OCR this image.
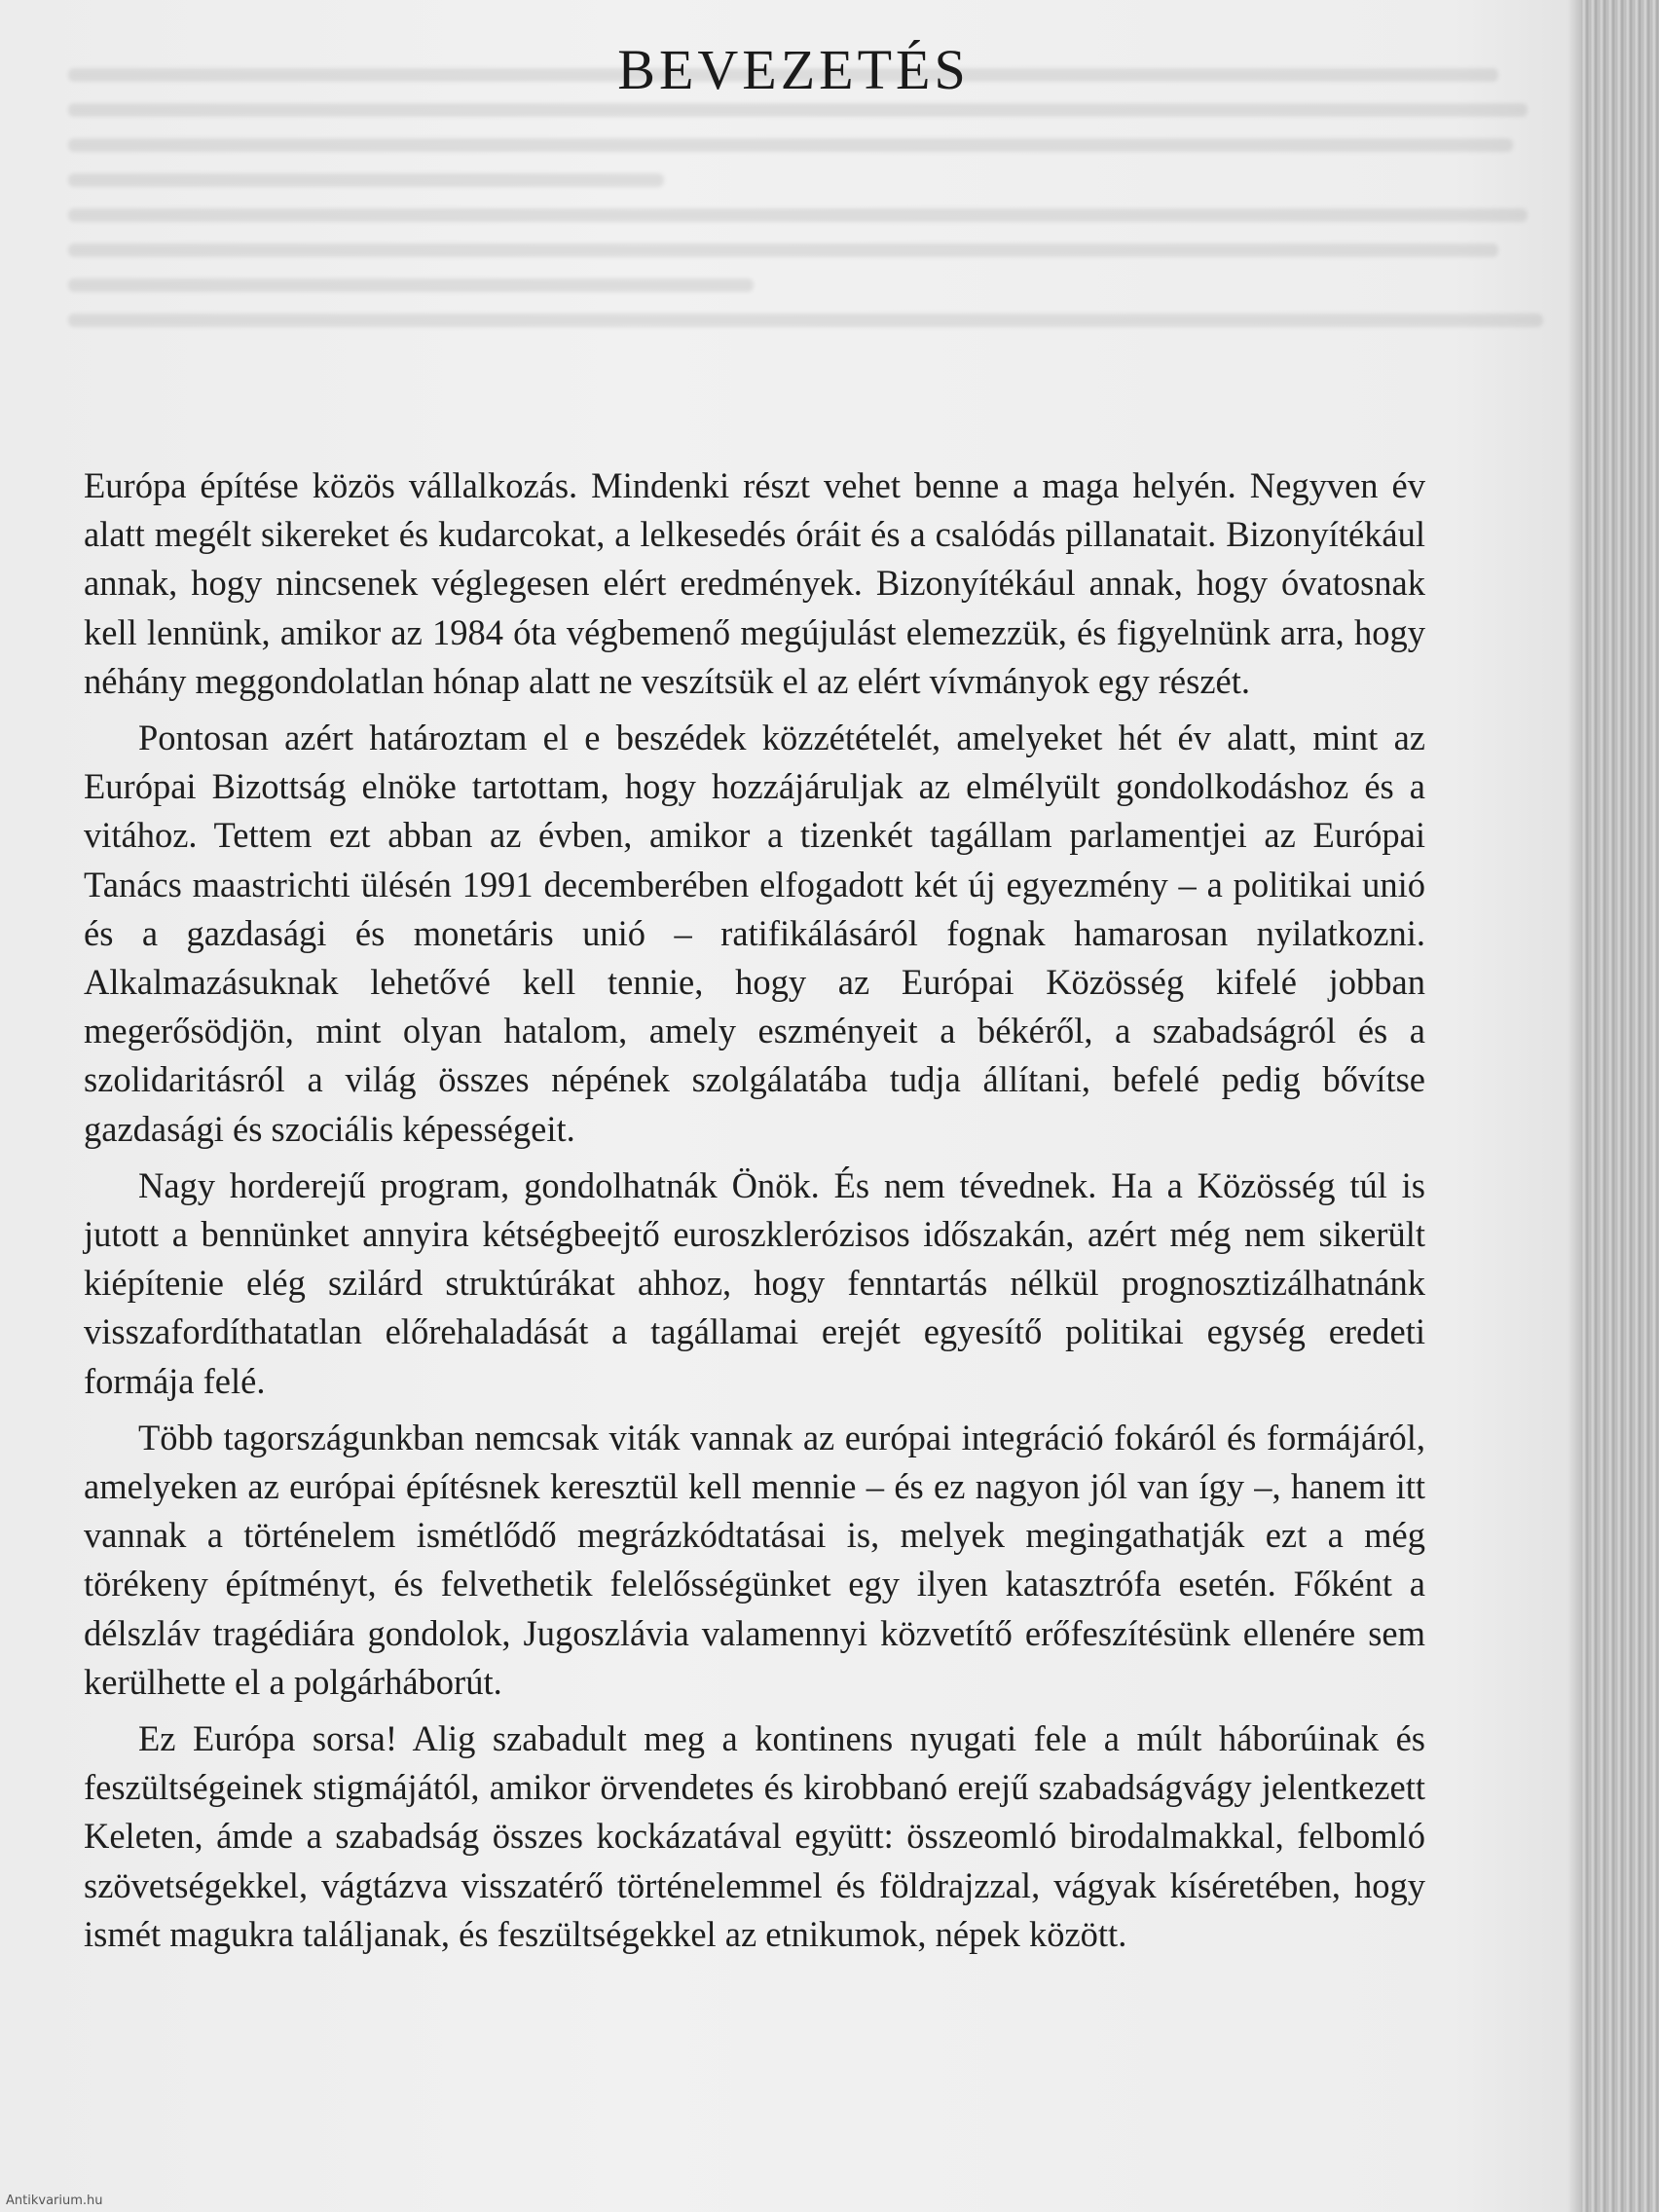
BEVEZETÉS

Európa építése közös vállalkozás. Mindenki részt vehet benne a maga helyén. Negyven év alatt megélt sikereket és kudarcokat, a lelkesedés óráit és a csalódás pillanatait. Bizonyítékául annak, hogy nincsenek véglegesen elért eredmények. Bizonyítékául annak, hogy óvatosnak kell lennünk, amikor az 1984 óta végbemenő megújulást elemezzük, és figyelnünk arra, hogy néhány meggondolatlan hónap alatt ne veszítsük el az elért vívmányok egy részét.

Pontosan azért határoztam el e beszédek közzétételét, amelyeket hét év alatt, mint az Európai Bizottság elnöke tartottam, hogy hozzájáruljak az elmélyült gondolkodáshoz és a vitához. Tettem ezt abban az évben, amikor a tizenkét tagállam parlamentjei az Európai Tanács maastrichti ülésén 1991 decemberében elfogadott két új egyezmény – a politikai unió és a gazdasági és monetáris unió – ratifikálásáról fognak hamarosan nyilatkozni. Alkalmazásuknak lehetővé kell tennie, hogy az Európai Közösség kifelé jobban megerősödjön, mint olyan hatalom, amely eszményeit a békéről, a szabadságról és a szolidaritásról a világ összes népének szolgálatába tudja állítani, befelé pedig bővítse gazdasági és szociális képességeit.

Nagy horderejű program, gondolhatnák Önök. És nem tévednek. Ha a Közösség túl is jutott a bennünket annyira kétségbeejtő euroszklerózisos időszakán, azért még nem sikerült kiépítenie elég szilárd struktúrákat ahhoz, hogy fenntartás nélkül prognosztizálhatnánk visszafordíthatatlan előrehaladását a tagállamai erejét egyesítő politikai egység eredeti formája felé.

Több tagországunkban nemcsak viták vannak az európai integráció fokáról és formájáról, amelyeken az európai építésnek keresztül kell mennie – és ez nagyon jól van így –, hanem itt vannak a történelem ismétlődő megrázkódtatásai is, melyek megingathatják ezt a még törékeny építményt, és felvethetik felelősségünket egy ilyen katasztrófa esetén. Főként a délszláv tragédiára gondolok, Jugoszlávia valamennyi közvetítő erőfeszítésünk ellenére sem kerülhette el a polgárháborút.

Ez Európa sorsa! Alig szabadult meg a kontinens nyugati fele a múlt háborúinak és feszültségeinek stigmájától, amikor örvendetes és kirobbanó erejű szabadságvágy jelentkezett Keleten, ámde a szabadság összes kockázatával együtt: összeomló birodalmakkal, felbomló szövetségekkel, vágtázva visszatérő történelemmel és földrajzzal, vágyak kíséretében, hogy ismét magukra találjanak, és feszültségekkel az etnikumok, népek között.

Antikvarium.hu
